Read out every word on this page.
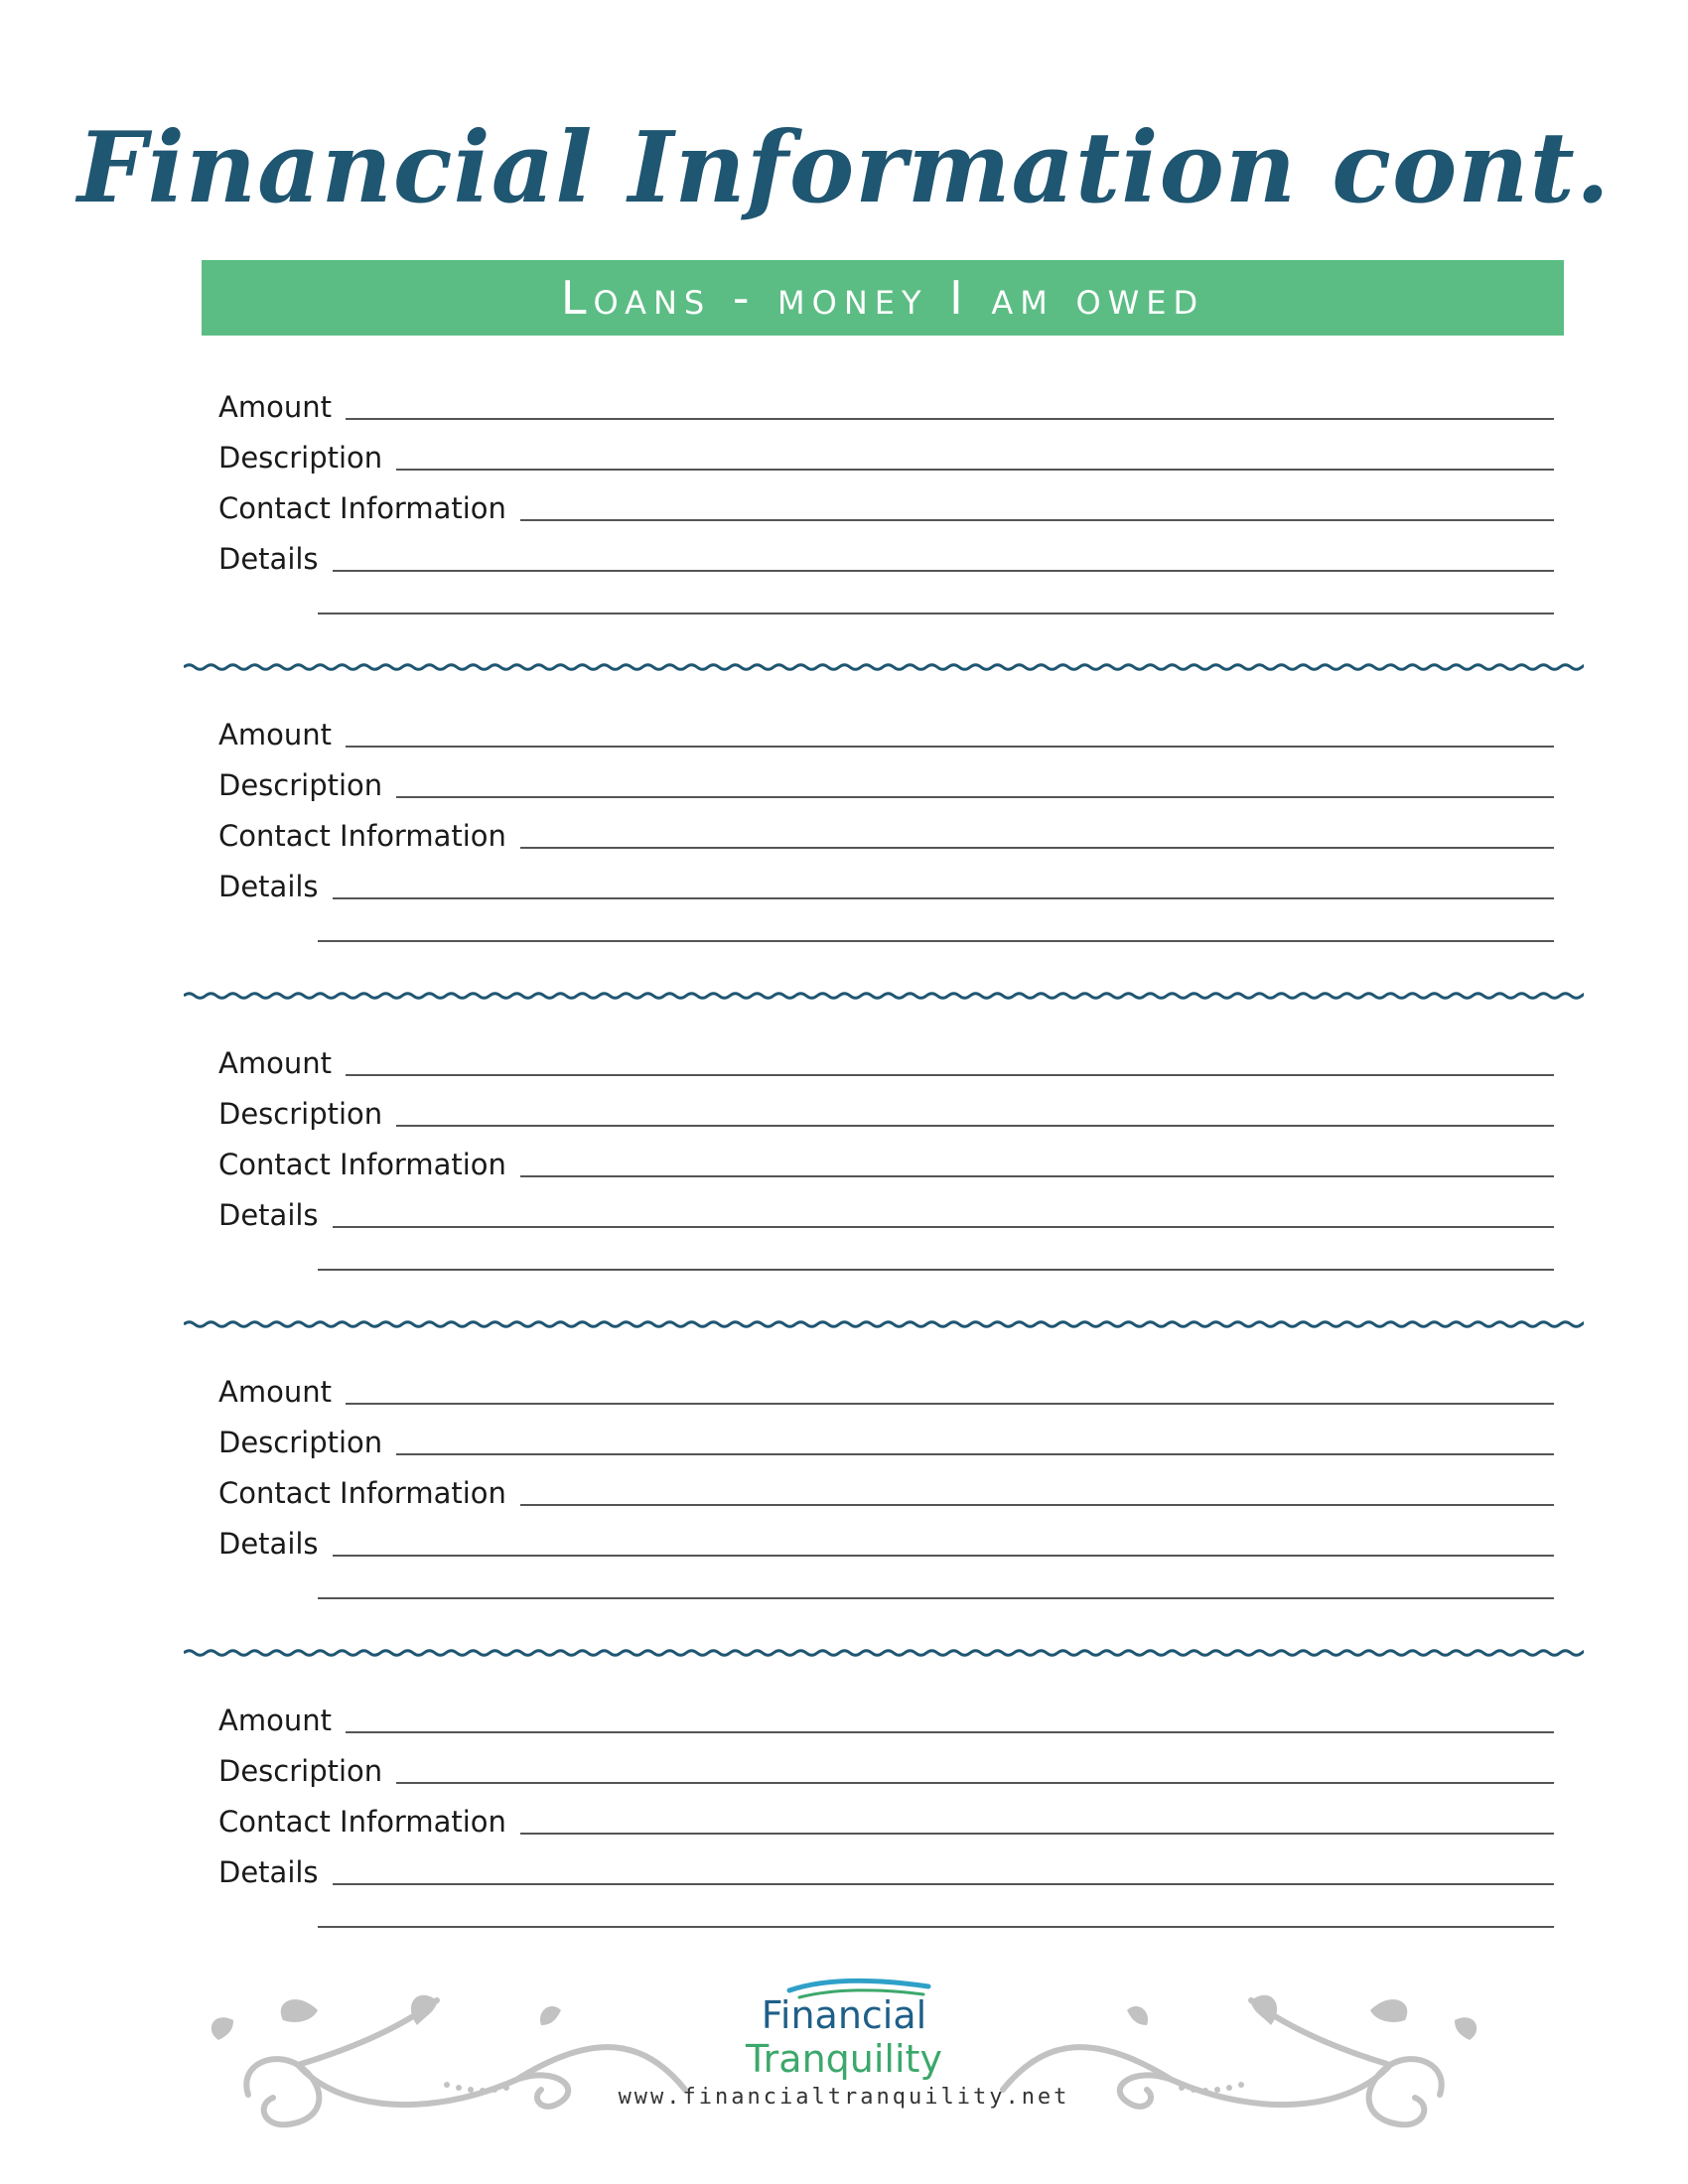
Financial Information cont.
Loans - money I am owed
Amount
Description
Contact Information
Details
Amount
Description
Contact Information
Details
Amount
Description
Contact Information
Details
Amount
Description
Contact Information
Details
Amount
Description
Contact Information
Details
Financial
Tranquility
www.financialtranquility.net
